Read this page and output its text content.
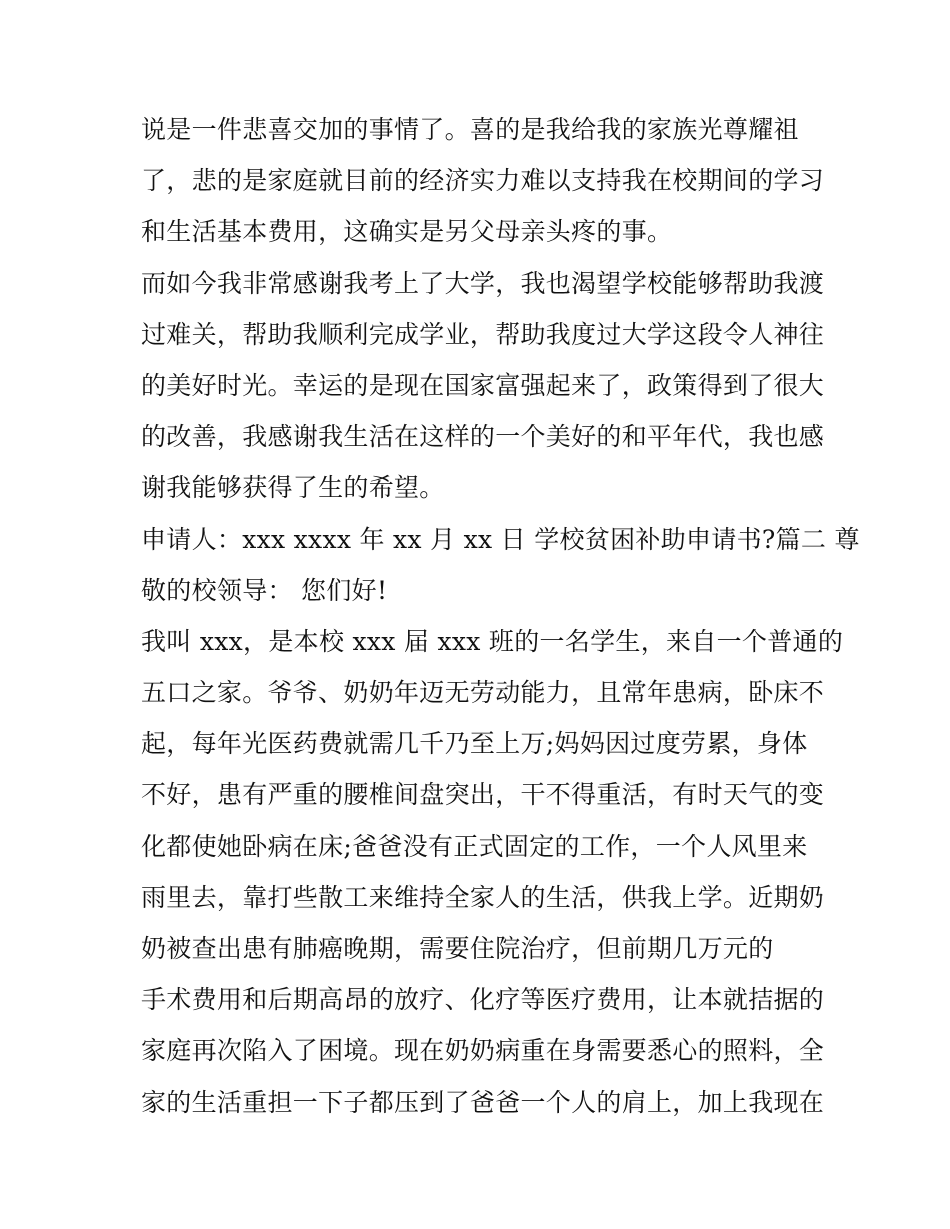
说是一件悲喜交加的事情了。喜的是我给我的家族光尊耀祖
了，悲的是家庭就目前的经济实力难以支持我在校期间的学习
和生活基本费用，这确实是另父母亲头疼的事。
而如今我非常感谢我考上了大学，我也渴望学校能够帮助我渡
过难关，帮助我顺利完成学业，帮助我度过大学这段令人神往
的美好时光。幸运的是现在国家富强起来了，政策得到了很大
的改善，我感谢我生活在这样的一个美好的和平年代，我也感
谢我能够获得了生的希望。
申请人：xxx xxxx 年 xx 月 xx 日 学校贫困补助申请书?篇二 尊
敬的校领导： 您们好!
我叫 xxx，是本校 xxx 届 xxx 班的一名学生，来自一个普通的
五口之家。爷爷、奶奶年迈无劳动能力，且常年患病，卧床不
起，每年光医药费就需几千乃至上万;妈妈因过度劳累，身体
不好，患有严重的腰椎间盘突出，干不得重活，有时天气的变
化都使她卧病在床;爸爸没有正式固定的工作，一个人风里来
雨里去，靠打些散工来维持全家人的生活，供我上学。近期奶
奶被查出患有肺癌晚期，需要住院治疗，但前期几万元的
手术费用和后期高昂的放疗、化疗等医疗费用，让本就拮据的
家庭再次陷入了困境。现在奶奶病重在身需要悉心的照料，全
家的生活重担一下子都压到了爸爸一个人的肩上，加上我现在
